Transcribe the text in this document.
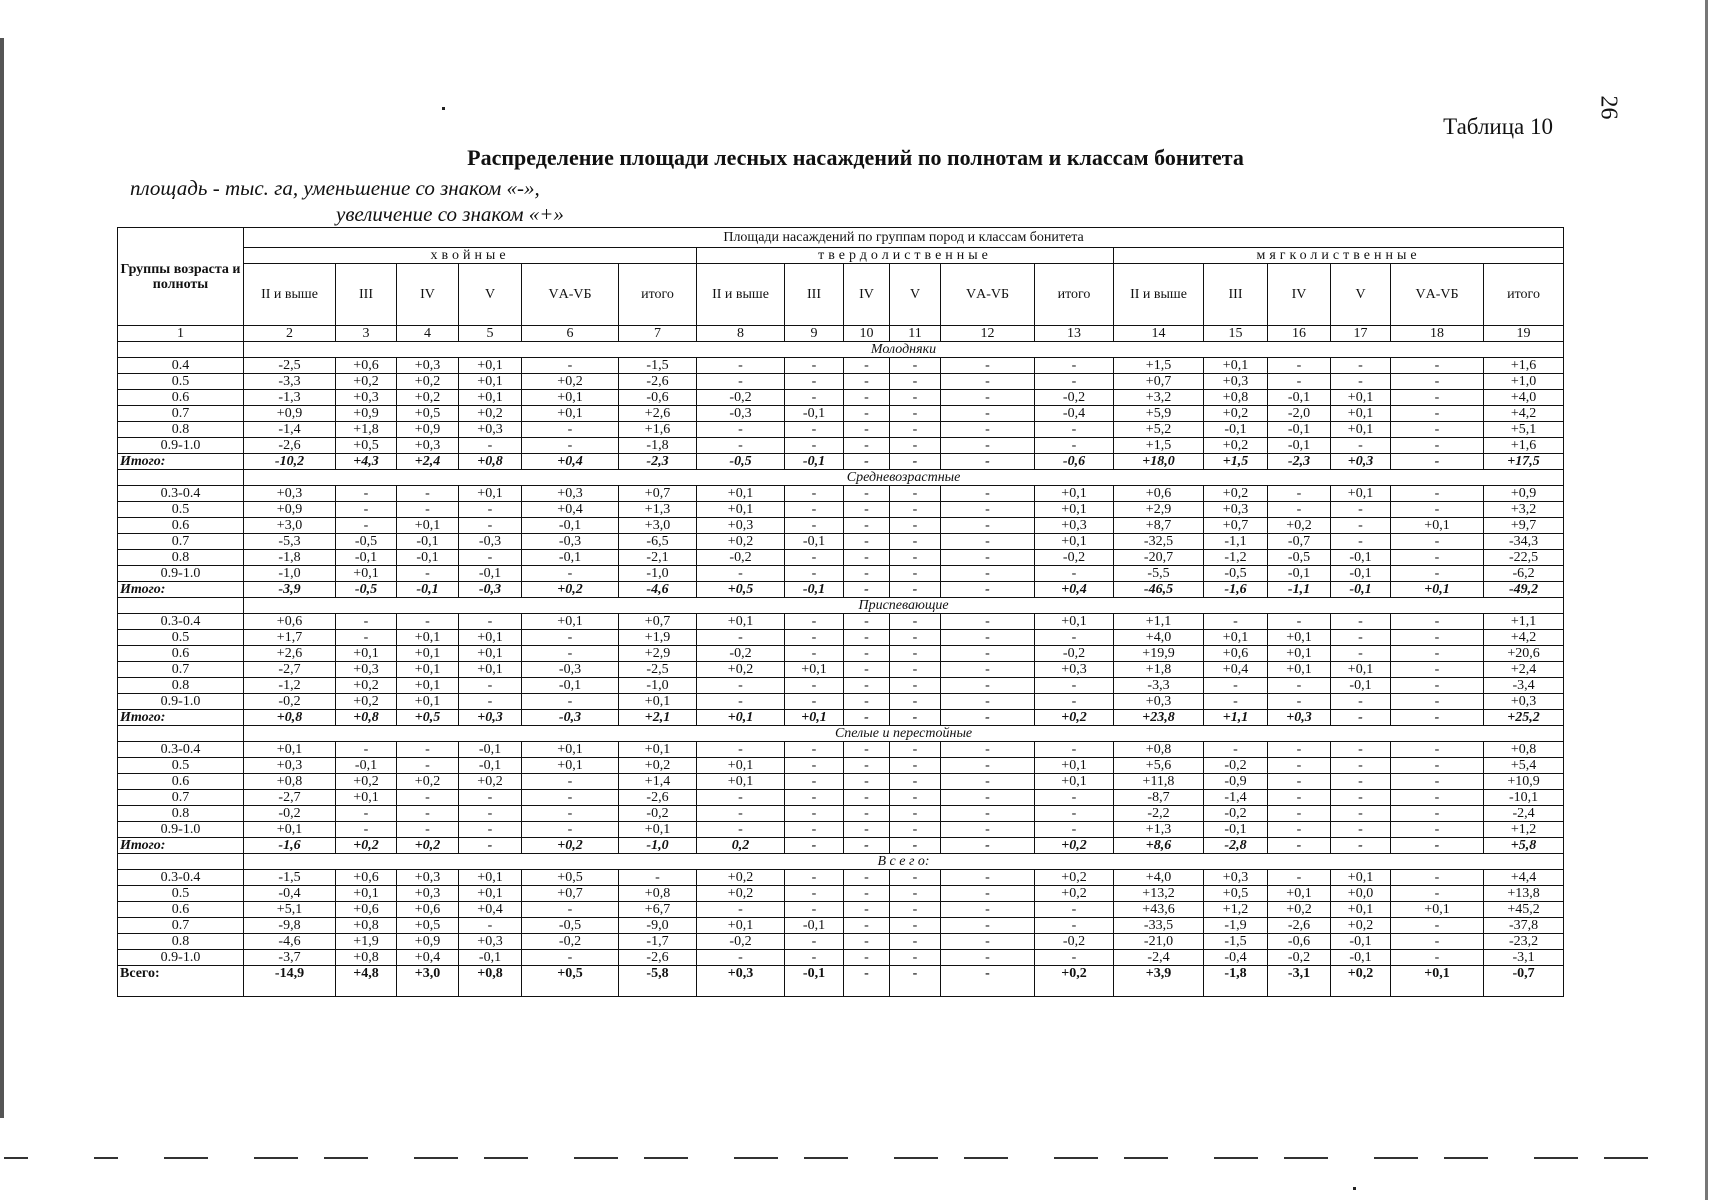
26
Таблица 10
Распределение площади лесных насаждений по полнотам и классам бонитета
площадь - тыс. га, уменьшение со знаком «-»,
увеличение со знаком «+»
Группы возраста и полноты	Площади насаждений по группам пород и классам бонитета																	
	хвойные						твердолиственные						мягколиственные					
	II и выше	III	IV	V	VА-VБ	итого	II и выше	III	IV	V	VА-VБ	итого	II и выше	III	IV	V	VА-VБ	итого
1	2	3	4	5	6	7	8	9	10	11	12	13	14	15	16	17	18	19
	Молодняки																	
0.4	-2,5	+0,6	+0,3	+0,1	-	-1,5	-	-	-	-	-	-	+1,5	+0,1	-	-	-	+1,6
0.5	-3,3	+0,2	+0,2	+0,1	+0,2	-2,6	-	-	-	-	-	-	+0,7	+0,3	-	-	-	+1,0
0.6	-1,3	+0,3	+0,2	+0,1	+0,1	-0,6	-0,2	-	-	-	-	-0,2	+3,2	+0,8	-0,1	+0,1	-	+4,0
0.7	+0,9	+0,9	+0,5	+0,2	+0,1	+2,6	-0,3	-0,1	-	-	-	-0,4	+5,9	+0,2	-2,0	+0,1	-	+4,2
0.8	-1,4	+1,8	+0,9	+0,3	-	+1,6	-	-	-	-	-	-	+5,2	-0,1	-0,1	+0,1	-	+5,1
0.9-1.0	-2,6	+0,5	+0,3	-	-	-1,8	-	-	-	-	-	-	+1,5	+0,2	-0,1	-	-	+1,6
Итого:	-10,2	+4,3	+2,4	+0,8	+0,4	-2,3	-0,5	-0,1	-	-	-	-0,6	+18,0	+1,5	-2,3	+0,3	-	+17,5
	Средневозрастные																	
0.3-0.4	+0,3	-	-	+0,1	+0,3	+0,7	+0,1	-	-	-	-	+0,1	+0,6	+0,2	-	+0,1	-	+0,9
0.5	+0,9	-	-	-	+0,4	+1,3	+0,1	-	-	-	-	+0,1	+2,9	+0,3	-	-	-	+3,2
0.6	+3,0	-	+0,1	-	-0,1	+3,0	+0,3	-	-	-	-	+0,3	+8,7	+0,7	+0,2	-	+0,1	+9,7
0.7	-5,3	-0,5	-0,1	-0,3	-0,3	-6,5	+0,2	-0,1	-	-	-	+0,1	-32,5	-1,1	-0,7	-	-	-34,3
0.8	-1,8	-0,1	-0,1	-	-0,1	-2,1	-0,2	-	-	-	-	-0,2	-20,7	-1,2	-0,5	-0,1	-	-22,5
0.9-1.0	-1,0	+0,1	-	-0,1	-	-1,0	-	-	-	-	-	-	-5,5	-0,5	-0,1	-0,1	-	-6,2
Итого:	-3,9	-0,5	-0,1	-0,3	+0,2	-4,6	+0,5	-0,1	-	-	-	+0,4	-46,5	-1,6	-1,1	-0,1	+0,1	-49,2
	Приспевающие																	
0.3-0.4	+0,6	-	-	-	+0,1	+0,7	+0,1	-	-	-	-	+0,1	+1,1	-	-	-	-	+1,1
0.5	+1,7	-	+0,1	+0,1	-	+1,9	-	-	-	-	-	-	+4,0	+0,1	+0,1	-	-	+4,2
0.6	+2,6	+0,1	+0,1	+0,1	-	+2,9	-0,2	-	-	-	-	-0,2	+19,9	+0,6	+0,1	-	-	+20,6
0.7	-2,7	+0,3	+0,1	+0,1	-0,3	-2,5	+0,2	+0,1	-	-	-	+0,3	+1,8	+0,4	+0,1	+0,1	-	+2,4
0.8	-1,2	+0,2	+0,1	-	-0,1	-1,0	-	-	-	-	-	-	-3,3	-	-	-0,1	-	-3,4
0.9-1.0	-0,2	+0,2	+0,1	-	-	+0,1	-	-	-	-	-	-	+0,3	-	-	-	-	+0,3
Итого:	+0,8	+0,8	+0,5	+0,3	-0,3	+2,1	+0,1	+0,1	-	-	-	+0,2	+23,8	+1,1	+0,3	-	-	+25,2
	Спелые и перестойные																	
0.3-0.4	+0,1	-	-	-0,1	+0,1	+0,1	-	-	-	-	-	-	+0,8	-	-	-	-	+0,8
0.5	+0,3	-0,1	-	-0,1	+0,1	+0,2	+0,1	-	-	-	-	+0,1	+5,6	-0,2	-	-	-	+5,4
0.6	+0,8	+0,2	+0,2	+0,2	-	+1,4	+0,1	-	-	-	-	+0,1	+11,8	-0,9	-	-	-	+10,9
0.7	-2,7	+0,1	-	-	-	-2,6	-	-	-	-	-	-	-8,7	-1,4	-	-	-	-10,1
0.8	-0,2	-	-	-	-	-0,2	-	-	-	-	-	-	-2,2	-0,2	-	-	-	-2,4
0.9-1.0	+0,1	-	-	-	-	+0,1	-	-	-	-	-	-	+1,3	-0,1	-	-	-	+1,2
Итого:	-1,6	+0,2	+0,2	-	+0,2	-1,0	0,2	-	-	-	-	+0,2	+8,6	-2,8	-	-	-	+5,8
	В с е г о:																	
0.3-0.4	-1,5	+0,6	+0,3	+0,1	+0,5	-	+0,2	-	-	-	-	+0,2	+4,0	+0,3	-	+0,1	-	+4,4
0.5	-0,4	+0,1	+0,3	+0,1	+0,7	+0,8	+0,2	-	-	-	-	+0,2	+13,2	+0,5	+0,1	+0,0	-	+13,8
0.6	+5,1	+0,6	+0,6	+0,4	-	+6,7	-	-	-	-	-	-	+43,6	+1,2	+0,2	+0,1	+0,1	+45,2
0.7	-9,8	+0,8	+0,5	-	-0,5	-9,0	+0,1	-0,1	-	-	-	-	-33,5	-1,9	-2,6	+0,2	-	-37,8
0.8	-4,6	+1,9	+0,9	+0,3	-0,2	-1,7	-0,2	-	-	-	-	-0,2	-21,0	-1,5	-0,6	-0,1	-	-23,2
0.9-1.0	-3,7	+0,8	+0,4	-0,1	-	-2,6	-	-	-	-	-	-	-2,4	-0,4	-0,2	-0,1	-	-3,1
Всего:	-14,9	+4,8	+3,0	+0,8	+0,5	-5,8	+0,3	-0,1	-	-	-	+0,2	+3,9	-1,8	-3,1	+0,2	+0,1	-0,7
